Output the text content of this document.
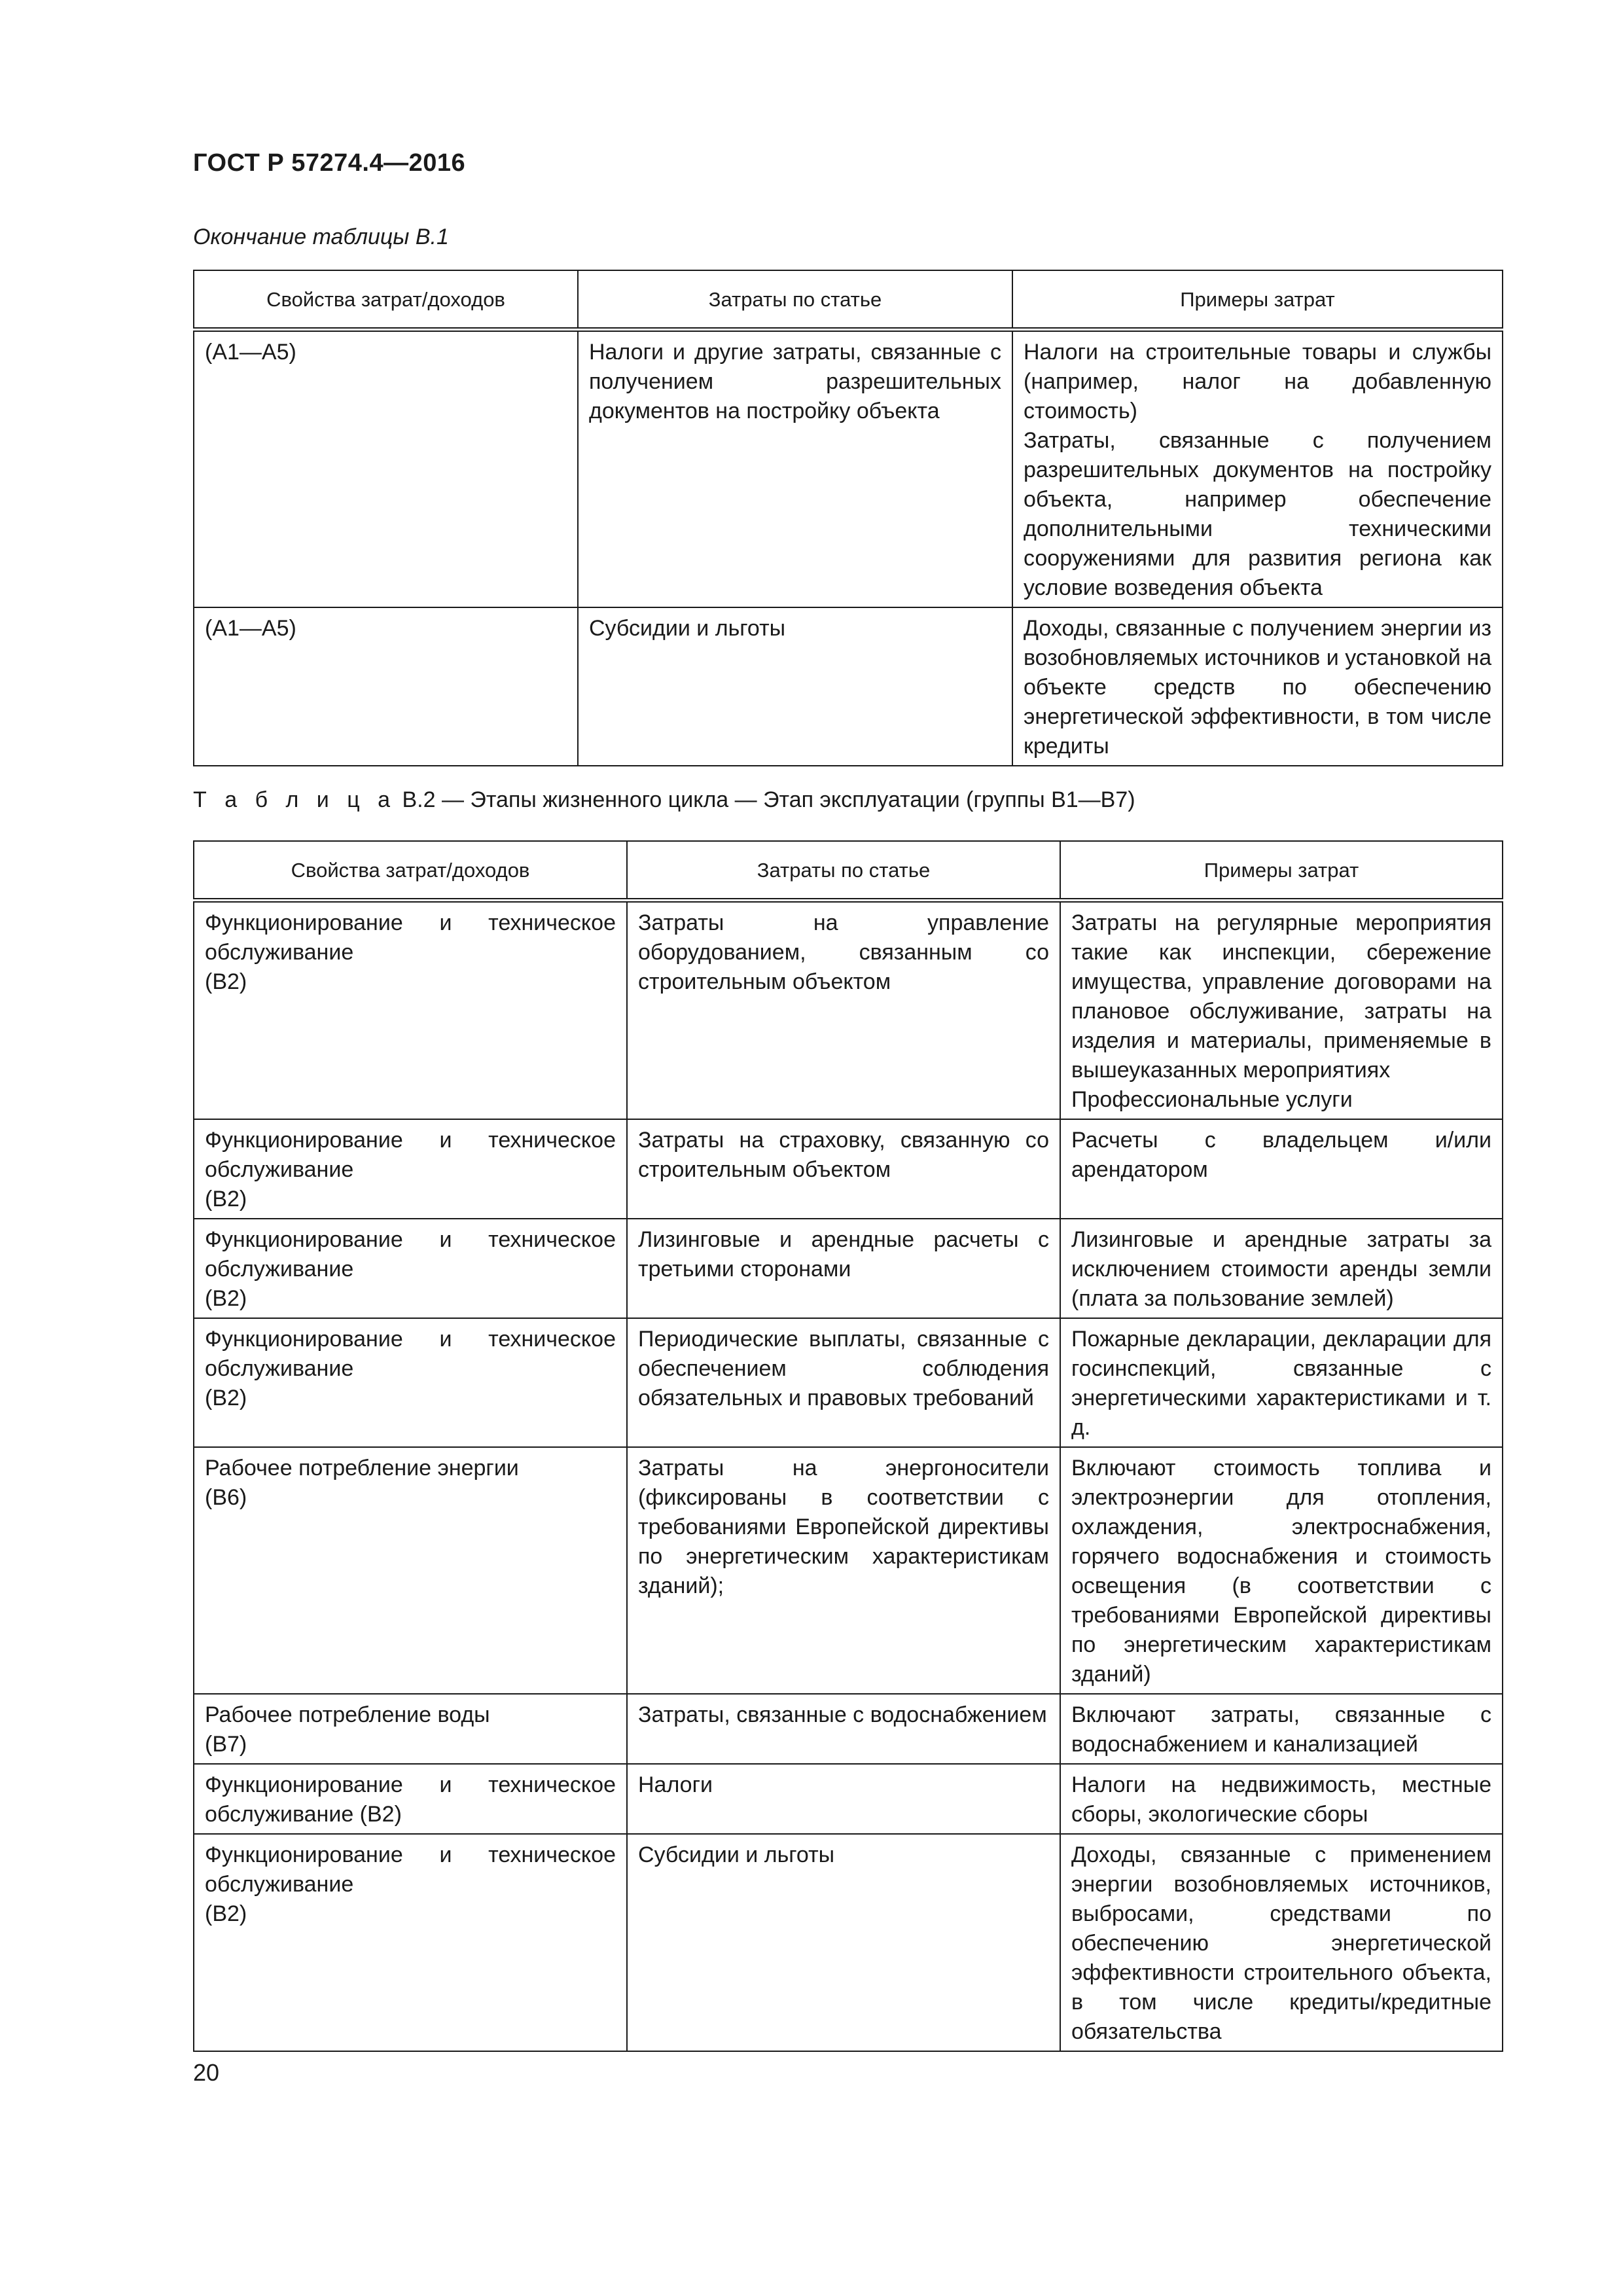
ГОСТ Р 57274.4—2016
Окончание таблицы В.1
Свойства затрат/доходов	Затраты по статье	Примеры затрат

(А1—А5)	Налоги и другие затраты, связанные с получением разрешительных документов на постройку объекта	Налоги на строительные товары и службы (например, налог на добавленную стоимость)
Затраты, связанные с получением разрешительных документов на постройку объекта, например обеспечение дополнительными техническими сооружениями для развития региона как условие возведения объекта

(А1—А5)	Субсидии и льготы	Доходы, связанные с получением энергии из возобновляемых источников и установкой на объекте средств по обеспечению энергетической эффективности, в том числе кредиты
Т а б л и ц а В.2 — Этапы жизненного цикла — Этап эксплуатации (группы В1—В7)
Свойства затрат/доходов	Затраты по статье	Примеры затрат

Функционирование и техническое обслуживание
(В2)	Затраты на управление оборудованием, связанным со строительным объектом	Затраты на регулярные мероприятия такие как инспекции, сбережение имущества, управление договорами на плановое обслуживание, затраты на изделия и материалы, применяемые в вышеуказанных мероприятиях
Профессиональные услуги

Функционирование и техническое обслуживание
(В2)	Затраты на страховку, связанную со строительным объектом	Расчеты с владельцем и/или арендатором

Функционирование и техническое обслуживание
(В2)	Лизинговые и арендные расчеты с третьими сторонами	Лизинговые и арендные затраты за исключением стоимости аренды земли (плата за пользование землей)

Функционирование и техническое обслуживание
(В2)	Периодические выплаты, связанные с обеспечением соблюдения обязательных и правовых требований	Пожарные декларации, декларации для госинспекций, связанные с энергетическими характеристиками и т. д.

Рабочее потребление энергии
(В6)	Затраты на энергоносители (фиксированы в соответствии с требованиями Европейской директивы по энергетическим характеристикам зданий);	Включают стоимость топлива и электроэнергии для отопления, охлаждения, электроснабжения, горячего водоснабжения и стоимость освещения (в соответствии с требованиями Европейской директивы по энергетическим характеристикам зданий)

Рабочее потребление воды
(В7)	Затраты, связанные с водоснабжением	Включают затраты, связанные с водоснабжением и канализацией

Функционирование и техническое обслуживание (В2)	Налоги	Налоги на недвижимость, местные сборы, экологические сборы

Функционирование и техническое обслуживание
(В2)	Субсидии и льготы	Доходы, связанные с применением энергии возобновляемых источников, выбросами, средствами по обеспечению энергетической эффективности строительного объекта, в том числе кредиты/кредитные обязательства
20
